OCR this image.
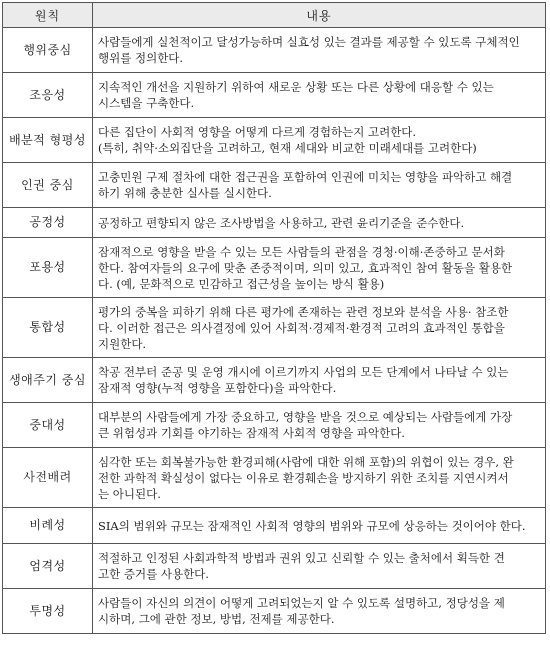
원칙	내용
행위중심	사람들에게 실천적이고 달성가능하며 실효성 있는 결과를 제공할 수 있도록 구체적인
행위를 정의한다.

조응성	지속적인 개선을 지원하기 위하여 새로운 상황 또는 다른 상황에 대응할 수 있는
시스템을 구축한다.

배분적 형평성	다른 집단이 사회적 영향을 어떻게 다르게 경험하는지 고려한다.
(특히, 취약·소외집단을 고려하고, 현재 세대와 비교한 미래세대를 고려한다)

인권 중심	고충민원 구제 절차에 대한 접근권을 포함하여 인권에 미치는 영향을 파악하고 해결
하기 위해 충분한 실사를 실시한다.

공정성	공정하고 편향되지 않은 조사방법을 사용하고, 관련 윤리기준을 준수한다.

포용성	잠재적으로 영향을 받을 수 있는 모든 사람들의 관점을 경청·이해·존중하고 문서화
한다. 참여자들의 요구에 맞춘 존중적이며, 의미 있고, 효과적인 참여 활동을 활용한
다. (예, 문화적으로 민감하고 접근성을 높이는 방식 활용)

통합성	평가의 중복을 피하기 위해 다른 평가에 존재하는 관련 정보와 분석을 사용· 참조한
다. 이러한 접근은 의사결정에 있어 사회적·경제적·환경적 고려의 효과적인 통합을
지원한다.

생애주기 중심	착공 전부터 준공 및 운영 개시에 이르기까지 사업의 모든 단계에서 나타날 수 있는
잠재적 영향(누적 영향을 포함한다)을 파악한다.

중대성	대부분의 사람들에게 가장 중요하고, 영향을 받을 것으로 예상되는 사람들에게 가장
큰 위험성과 기회를 야기하는 잠재적 사회적 영향을 파악한다.

사전배려	심각한 또는 회복불가능한 환경피해(사람에 대한 위해 포함)의 위협이 있는 경우, 완
전한 과학적 확실성이 없다는 이유로 환경훼손을 방지하기 위한 조치를 지연시켜서
는 아니된다.

비례성	SIA의 범위와 규모는 잠재적인 사회적 영향의 범위와 규모에 상응하는 것이어야 한다.

엄격성	적절하고 인정된 사회과학적 방법과 권위 있고 신뢰할 수 있는 출처에서 획득한 견
고한 증거를 사용한다.

투명성	사람들이 자신의 의견이 어떻게 고려되었는지 알 수 있도록 설명하고, 정당성을 제
시하며, 그에 관한 정보, 방법, 전제를 제공한다.
